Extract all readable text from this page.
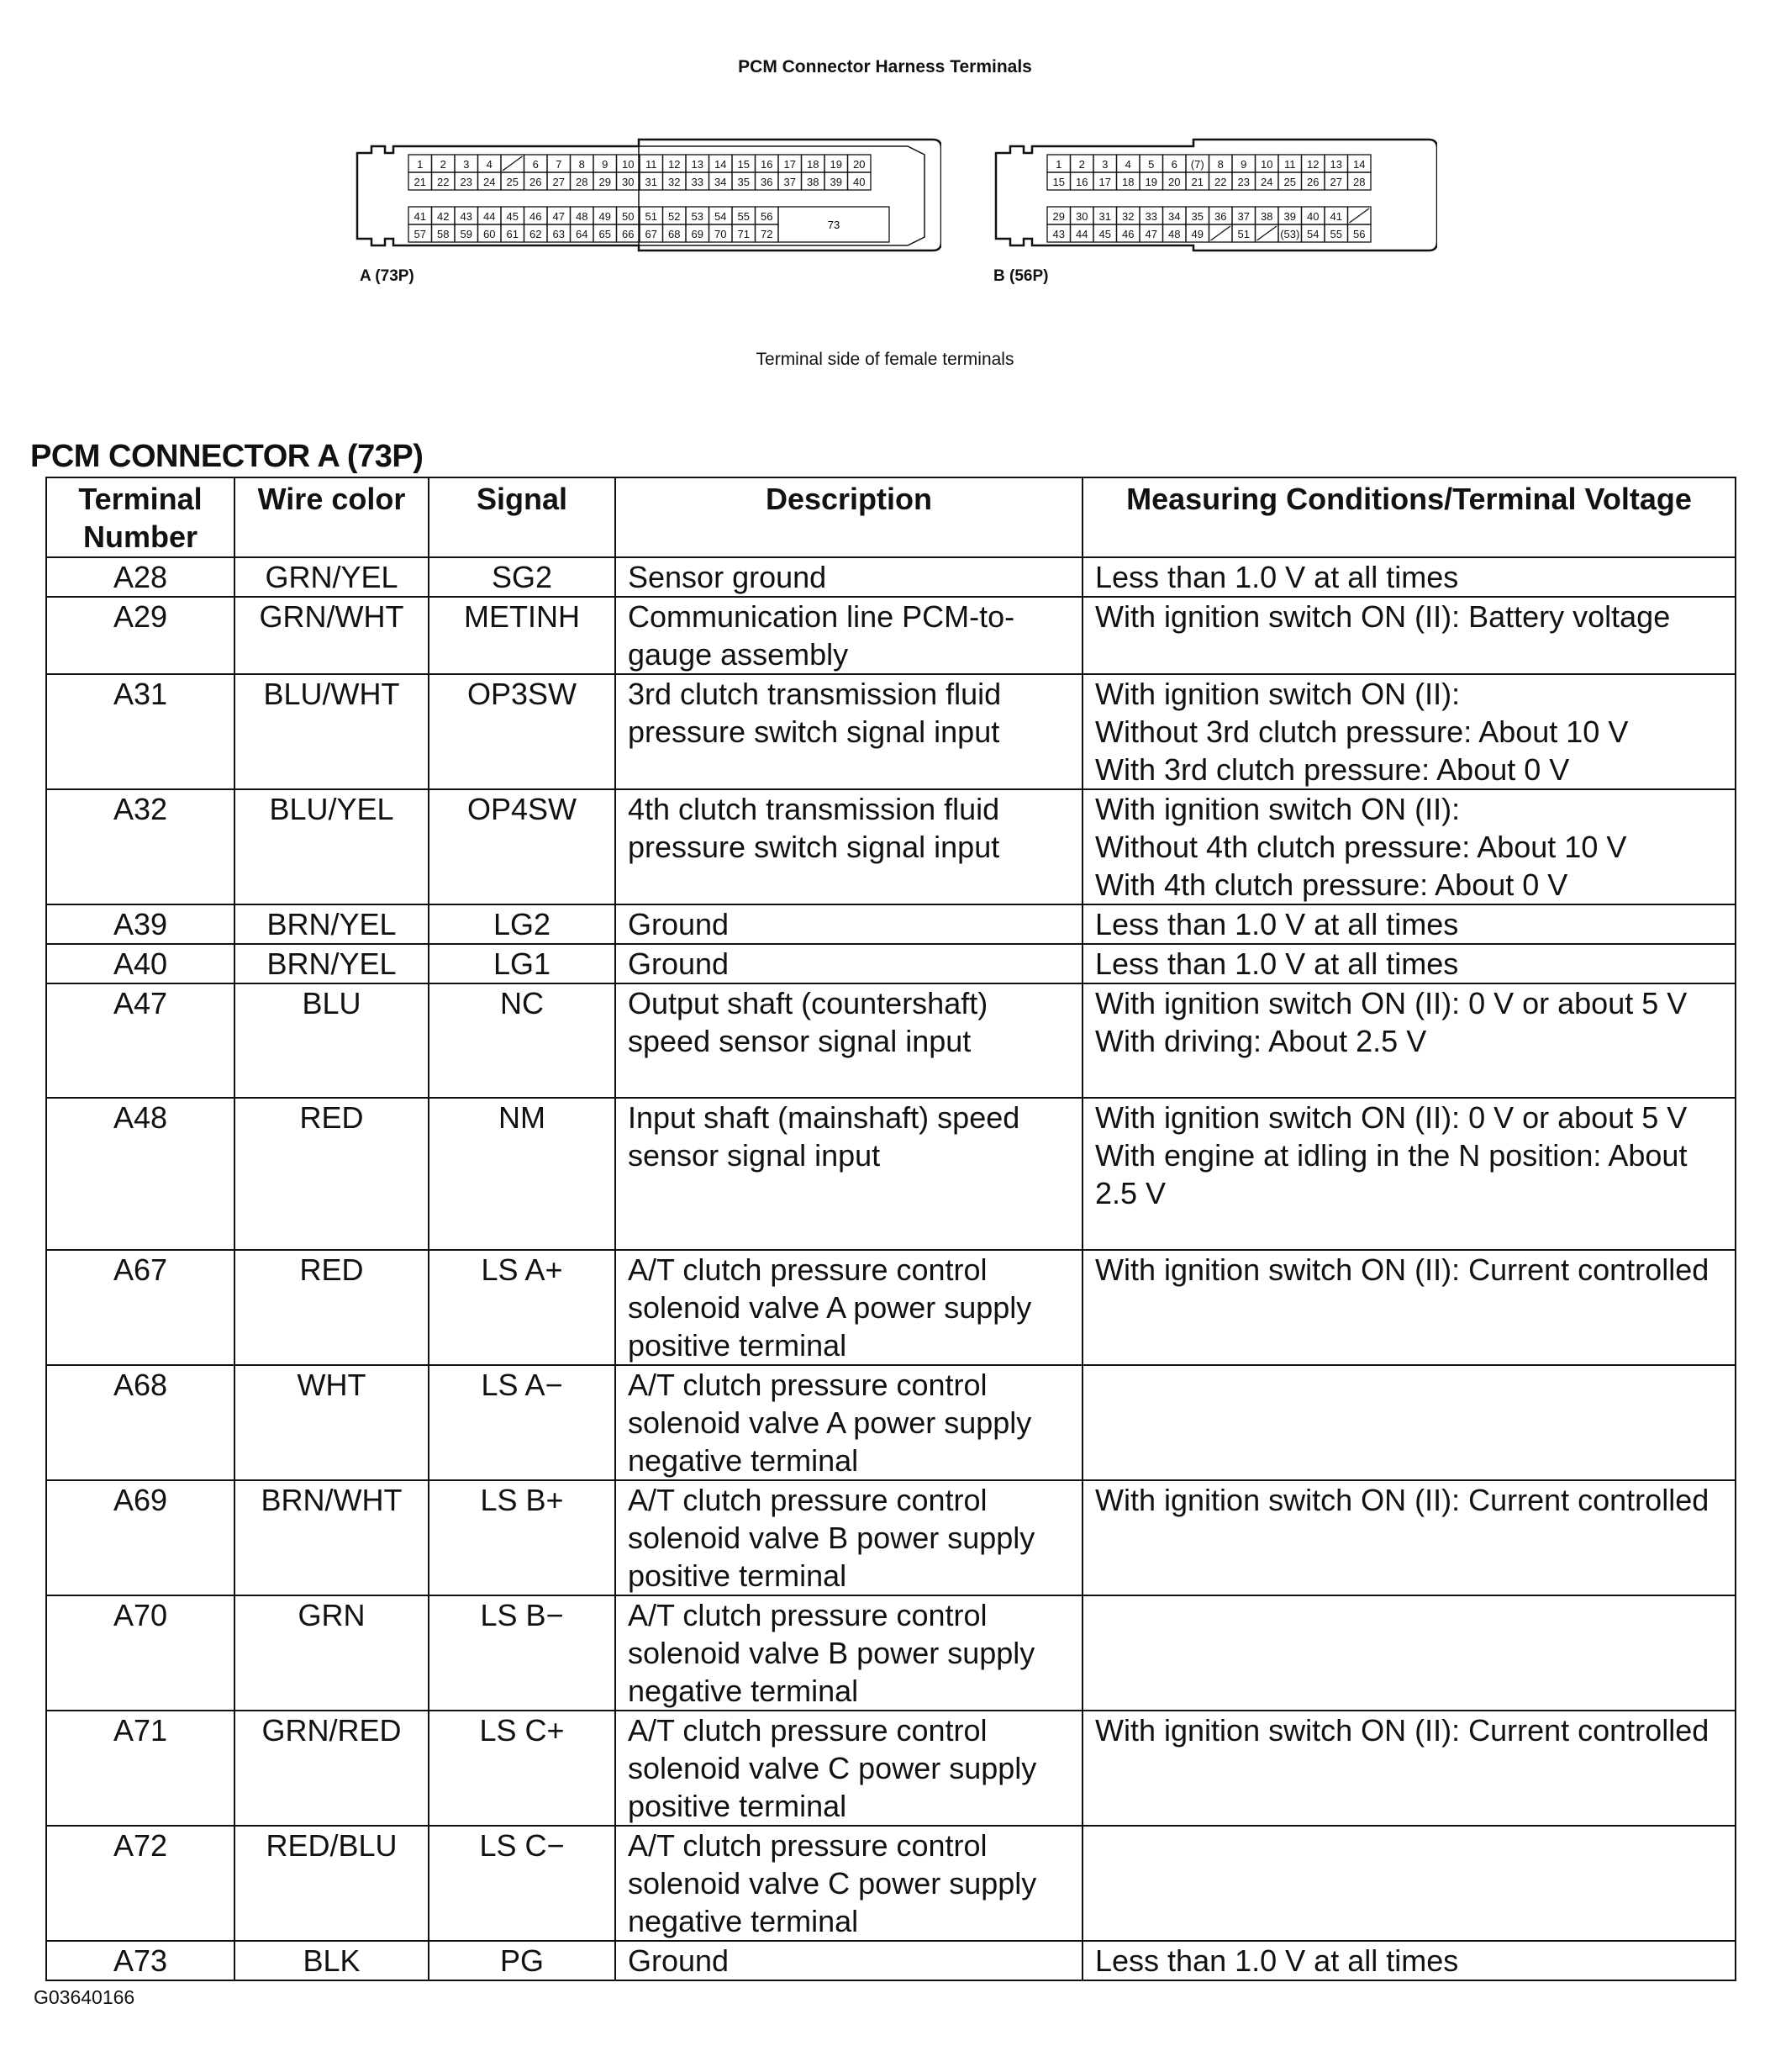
PCM Connector Harness Terminals
1 2 3 4	6 7 8 9 10 11 12 13 14 15 16 17 18 19 20
21 22 23 24 25 26 27 28 29 30 31 32 33 34 35 36 37 38 39 40
41 42 43 44 45 46 47 48 49 50 51 52 53 54 55 56
57 58 59 60 61 62 63 64 65 66 67 68 69 70 71 72
73
A (73P)
1 2 3 4 5 6 (7) 8 9 10 11 12 13 14
15 16 17 18 19 20 21 22 23 24 25 26 27 28
29 30 31 32 33 34 35 36 37 38 39 40 41
43 44 45 46 47 48 49	51	(53) 54 55 56
B (56P)
Terminal side of female terminals
PCM CONNECTOR A (73P)
Terminal
Number	Wire color	Signal	Description	Measuring Conditions/Terminal Voltage
A28	GRN/YEL	SG2	Sensor ground	Less than 1.0 V at all times
A29	GRN/WHT	METINH	Communication line PCM-to-gauge assembly	With ignition switch ON (II): Battery voltage
A31	BLU/WHT	OP3SW	3rd clutch transmission fluid pressure switch signal input	With ignition switch ON (II):
Without 3rd clutch pressure: About 10 V
With 3rd clutch pressure: About 0 V
A32	BLU/YEL	OP4SW	4th clutch transmission fluid pressure switch signal input	With ignition switch ON (II):
Without 4th clutch pressure: About 10 V
With 4th clutch pressure: About 0 V
A39	BRN/YEL	LG2	Ground	Less than 1.0 V at all times
A40	BRN/YEL	LG1	Ground	Less than 1.0 V at all times
A47	BLU	NC	Output shaft (countershaft) speed sensor signal input	With ignition switch ON (II): 0 V or about 5 V
With driving: About 2.5 V
A48	RED	NM	Input shaft (mainshaft) speed sensor signal input	With ignition switch ON (II): 0 V or about 5 V
With engine at idling in the N position: About 2.5 V
A67	RED	LS A+	A/T clutch pressure control solenoid valve A power supply positive terminal	With ignition switch ON (II): Current controlled
A68	WHT	LS A−	A/T clutch pressure control solenoid valve A power supply negative terminal	
A69	BRN/WHT	LS B+	A/T clutch pressure control solenoid valve B power supply positive terminal	With ignition switch ON (II): Current controlled
A70	GRN	LS B−	A/T clutch pressure control solenoid valve B power supply negative terminal	
A71	GRN/RED	LS C+	A/T clutch pressure control solenoid valve C power supply positive terminal	With ignition switch ON (II): Current controlled
A72	RED/BLU	LS C−	A/T clutch pressure control solenoid valve C power supply negative terminal	
A73	BLK	PG	Ground	Less than 1.0 V at all times
G03640166
